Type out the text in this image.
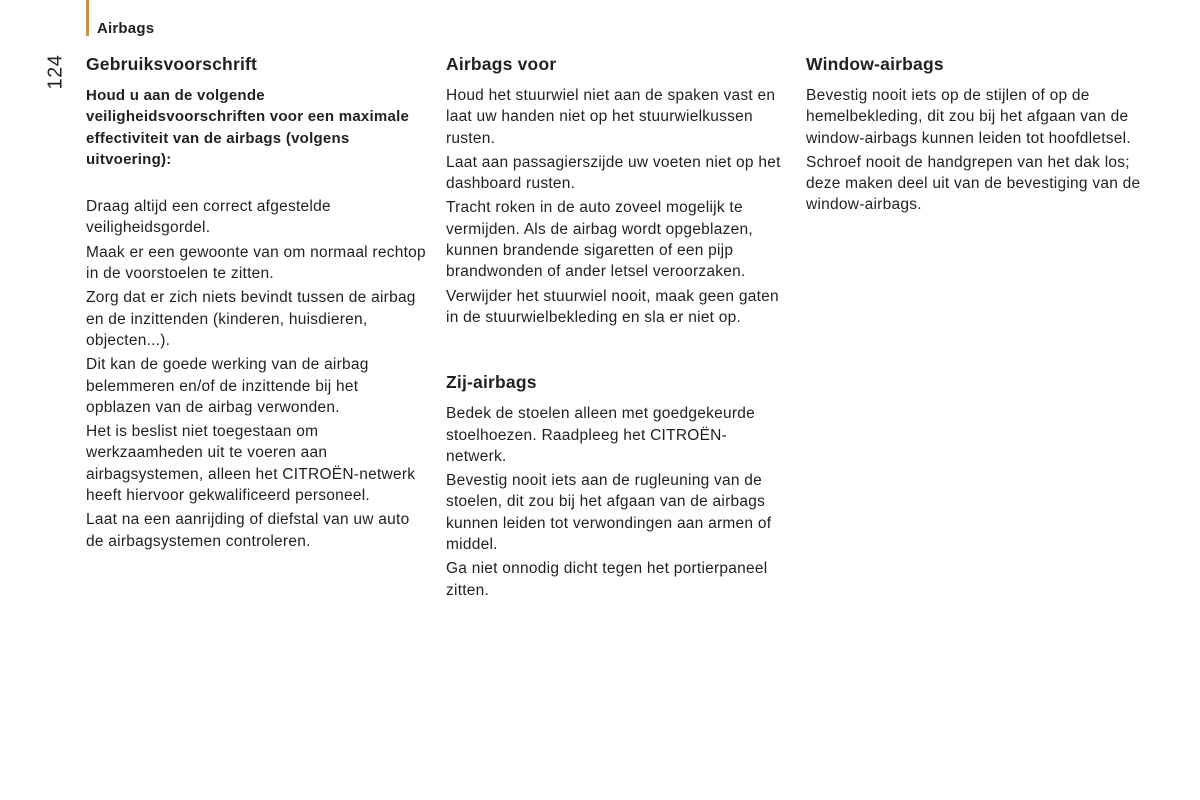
Airbags
124 Gebruiksvoorschrift

Houd u aan de volgende veiligheidsvoorschriften voor een maximale effectiviteit van de airbags (volgens uitvoering):

Draag altijd een correct afgestelde veiligheidsgordel.

Maak er een gewoonte van om normaal rechtop in de voorstoelen te zitten.

Zorg dat er zich niets bevindt tussen de airbag en de inzittenden (kinderen, huisdieren, objecten...).

Dit kan de goede werking van de airbag belemmeren en/of de inzittende bij het opblazen van de airbag verwonden.

Het is beslist niet toegestaan om werkzaamheden uit te voeren aan airbagsystemen, alleen het CITROËN-netwerk heeft hiervoor gekwalificeerd personeel.

Laat na een aanrijding of diefstal van uw auto de airbagsystemen controleren.

Airbags voor

Houd het stuurwiel niet aan de spaken vast en laat uw handen niet op het stuurwielkussen rusten.

Laat aan passagierszijde uw voeten niet op het dashboard rusten.

Tracht roken in de auto zoveel mogelijk te vermijden. Als de airbag wordt opgeblazen, kunnen brandende sigaretten of een pijp brandwonden of ander letsel veroorzaken.

Verwijder het stuurwiel nooit, maak geen gaten in de stuurwielbekleding en sla er niet op.

Zij-airbags

Bedek de stoelen alleen met goedgekeurde stoelhoezen. Raadpleeg het CITROËN-netwerk.

Bevestig nooit iets aan de rugleuning van de stoelen, dit zou bij het afgaan van de airbags kunnen leiden tot verwondingen aan armen of middel.

Ga niet onnodig dicht tegen het portierpaneel zitten.

Window-airbags

Bevestig nooit iets op de stijlen of op de hemelbekleding, dit zou bij het afgaan van de window-airbags kunnen leiden tot hoofdletsel.

Schroef nooit de handgrepen van het dak los; deze maken deel uit van de bevestiging van de window-airbags.
